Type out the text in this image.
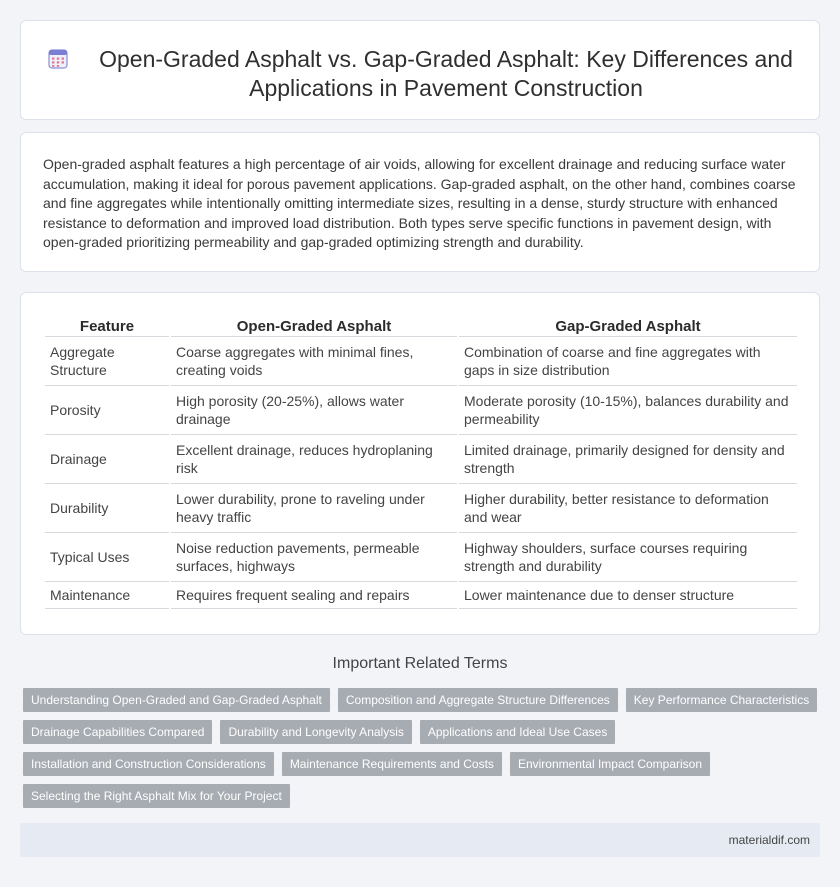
Open-Graded Asphalt vs. Gap-Graded Asphalt: Key Differences and Applications in Pavement Construction

Open-graded asphalt features a high percentage of air voids, allowing for excellent drainage and reducing surface water accumulation, making it ideal for porous pavement applications. Gap-graded asphalt, on the other hand, combines coarse and fine aggregates while intentionally omitting intermediate sizes, resulting in a dense, sturdy structure with enhanced resistance to deformation and improved load distribution. Both types serve specific functions in pavement design, with open-graded prioritizing permeability and gap-graded optimizing strength and durability.

Feature	Open-Graded Asphalt	Gap-Graded Asphalt
Aggregate Structure	Coarse aggregates with minimal fines, creating voids	Combination of coarse and fine aggregates with gaps in size distribution
Porosity	High porosity (20-25%), allows water drainage	Moderate porosity (10-15%), balances durability and permeability
Drainage	Excellent drainage, reduces hydroplaning risk	Limited drainage, primarily designed for density and strength
Durability	Lower durability, prone to raveling under heavy traffic	Higher durability, better resistance to deformation and wear
Typical Uses	Noise reduction pavements, permeable surfaces, highways	Highway shoulders, surface courses requiring strength and durability
Maintenance	Requires frequent sealing and repairs	Lower maintenance due to denser structure
Important Related Terms
Understanding Open-Graded and Gap-Graded Asphalt	Composition and Aggregate Structure Differences	Key Performance Characteristics
Drainage Capabilities Compared	Durability and Longevity Analysis	Applications and Ideal Use Cases
Installation and Construction Considerations	Maintenance Requirements and Costs	Environmental Impact Comparison
Selecting the Right Asphalt Mix for Your Project
materialdif.com
